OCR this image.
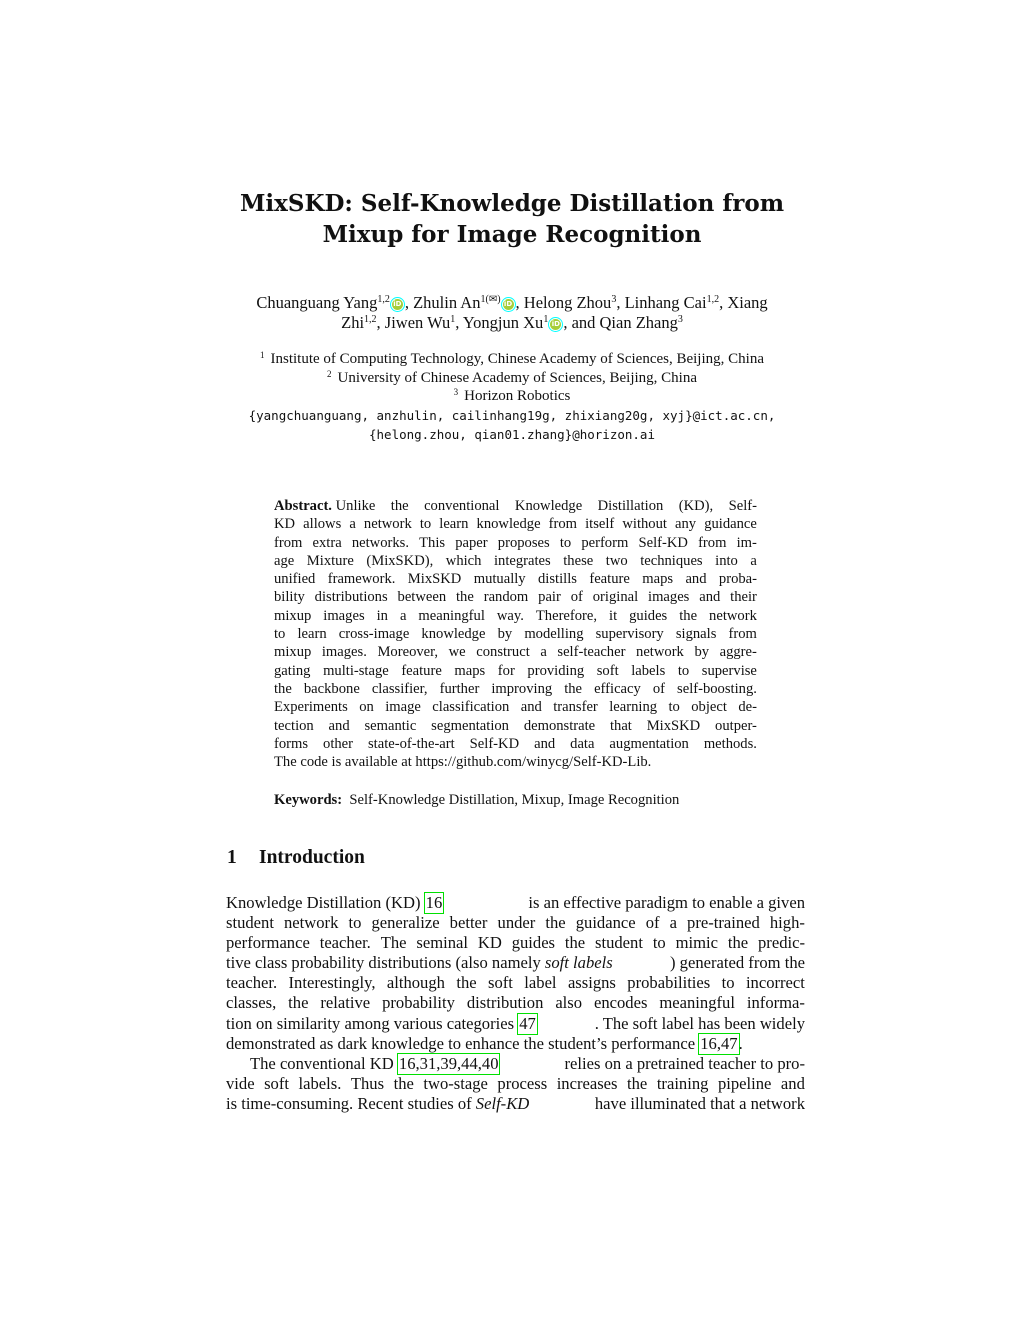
MixSKD: Self-Knowledge Distillation from
Mixup for Image Recognition
Chuanguang Yang$^{1,2}$ iD , Zhulin $An^{1(✉)}$ iD , Helong Zhou$^3$, Linhang Cai$^{1,2}$, Xiang
Zhi$^{1,2}$, Jiwen Wu$^1$, Yongjun Xu$^1$ iD , and Qian Zhang$^3$
$^1$ Institute of Computing Technology, Chinese Academy of Sciences, Beijing, China
$^2$ University of Chinese Academy of Sciences, Beijing, China
$^3$ Horizon Robotics
{yangchuanguang, anzhulin, cailinhang19g, zhixiang20g, xyj}@ict.ac.cn,
{helong.zhou, qian01.zhang}@horizon.ai
Abstract.
Unlike the conventional Knowledge Distillation (KD), Self-
KD allows a network to learn knowledge from itself without any guidance
from extra networks. This paper proposes to perform Self-KD from im-
age Mixture (MixSKD), which integrates these two techniques into a
unified framework. MixSKD mutually distills feature maps and proba-
bility distributions between the random pair of original images and their
mixup images in a meaningful way. Therefore, it guides the network
to learn cross-image knowledge by modelling supervisory signals from
mixup images. Moreover, we construct a self-teacher network by aggre-
gating multi-stage feature maps for providing soft labels to supervise
the backbone classifier, further improving the efficacy of self-boosting.
Experiments on image classification and transfer learning to object de-
tection and semantic segmentation demonstrate that MixSKD outper-
forms other state-of-the-art Self-KD and data augmentation methods.
The code is available at https://github.com/winycg/Self-KD-Lib.
Keywords: Self-Knowledge Distillation, Mixup, Image Recognition
1 Introduction
Knowledge Distillation (KD) 16	is an effective paradigm to enable a given
student network to generalize better under the guidance of a pre-trained high-
performance teacher. The seminal KD guides the student to mimic the predic-
tive class probability distributions (also namely soft labels	) generated from the
teacher. Interestingly, although the soft label assigns probabilities to incorrect
classes, the relative probability distribution also encodes meaningful informa-
tion on similarity among various categories 47	. The soft label has been widely
demonstrated as dark knowledge to enhance the student’s performance 16,47 .
The conventional KD 16,31,39,44,40	relies on a pretrained teacher to pro-
vide soft labels. Thus the two-stage process increases the training pipeline and
is time-consuming. Recent studies of Self-KD	have illuminated that a network
